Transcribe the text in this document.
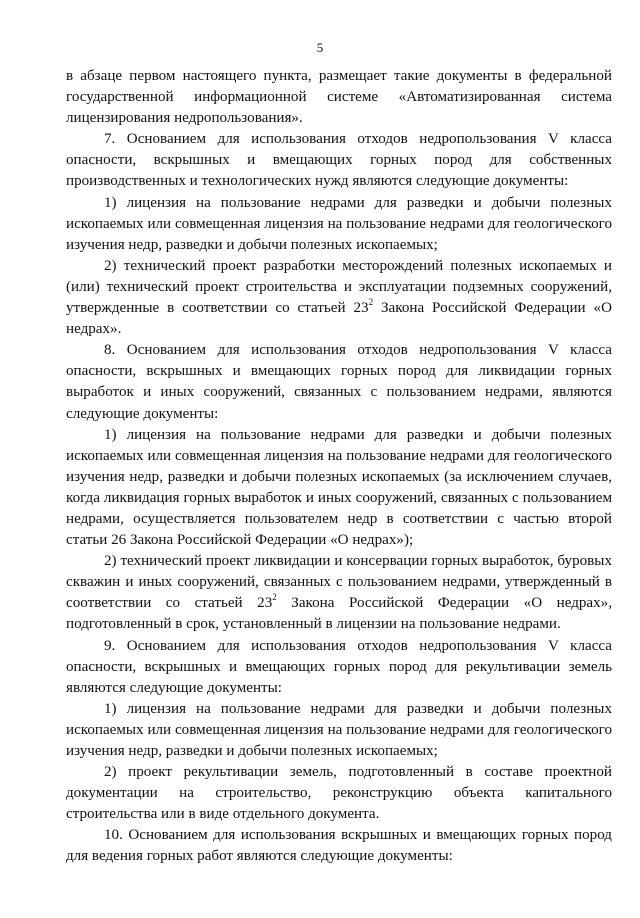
5

в абзаце первом настоящего пункта, размещает такие документы в федеральной государственной информационной системе «Автоматизированная система лицензирования недропользования».

7. Основанием для использования отходов недропользования V класса опасности, вскрышных и вмещающих горных пород для собственных производственных и технологических нужд являются следующие документы:

1) лицензия на пользование недрами для разведки и добычи полезных ископаемых или совмещенная лицензия на пользование недрами для геологического изучения недр, разведки и добычи полезных ископаемых;

2) технический проект разработки месторождений полезных ископаемых и (или) технический проект строительства и эксплуатации подземных сооружений, утвержденные в соответствии со статьей $23^2$ Закона Российской Федерации «О недрах».

8. Основанием для использования отходов недропользования V класса опасности, вскрышных и вмещающих горных пород для ликвидации горных выработок и иных сооружений, связанных с пользованием недрами, являются следующие документы:

1) лицензия на пользование недрами для разведки и добычи полезных ископаемых или совмещенная лицензия на пользование недрами для геологического изучения недр, разведки и добычи полезных ископаемых (за исключением случаев, когда ликвидация горных выработок и иных сооружений, связанных с пользованием недрами, осуществляется пользователем недр в соответствии с частью второй статьи 26 Закона Российской Федерации «О недрах»);

2) технический проект ликвидации и консервации горных выработок, буровых скважин и иных сооружений, связанных с пользованием недрами, утвержденный в соответствии со статьей $23^2$ Закона Российской Федерации «О недрах», подготовленный в срок, установленный в лицензии на пользование недрами.

9. Основанием для использования отходов недропользования V класса опасности, вскрышных и вмещающих горных пород для рекультивации земель являются следующие документы:

1) лицензия на пользование недрами для разведки и добычи полезных ископаемых или совмещенная лицензия на пользование недрами для геологического изучения недр, разведки и добычи полезных ископаемых;

2) проект рекультивации земель, подготовленный в составе проектной документации на строительство, реконструкцию объекта капитального строительства или в виде отдельного документа.

10. Основанием для использования вскрышных и вмещающих горных пород для ведения горных работ являются следующие документы:
